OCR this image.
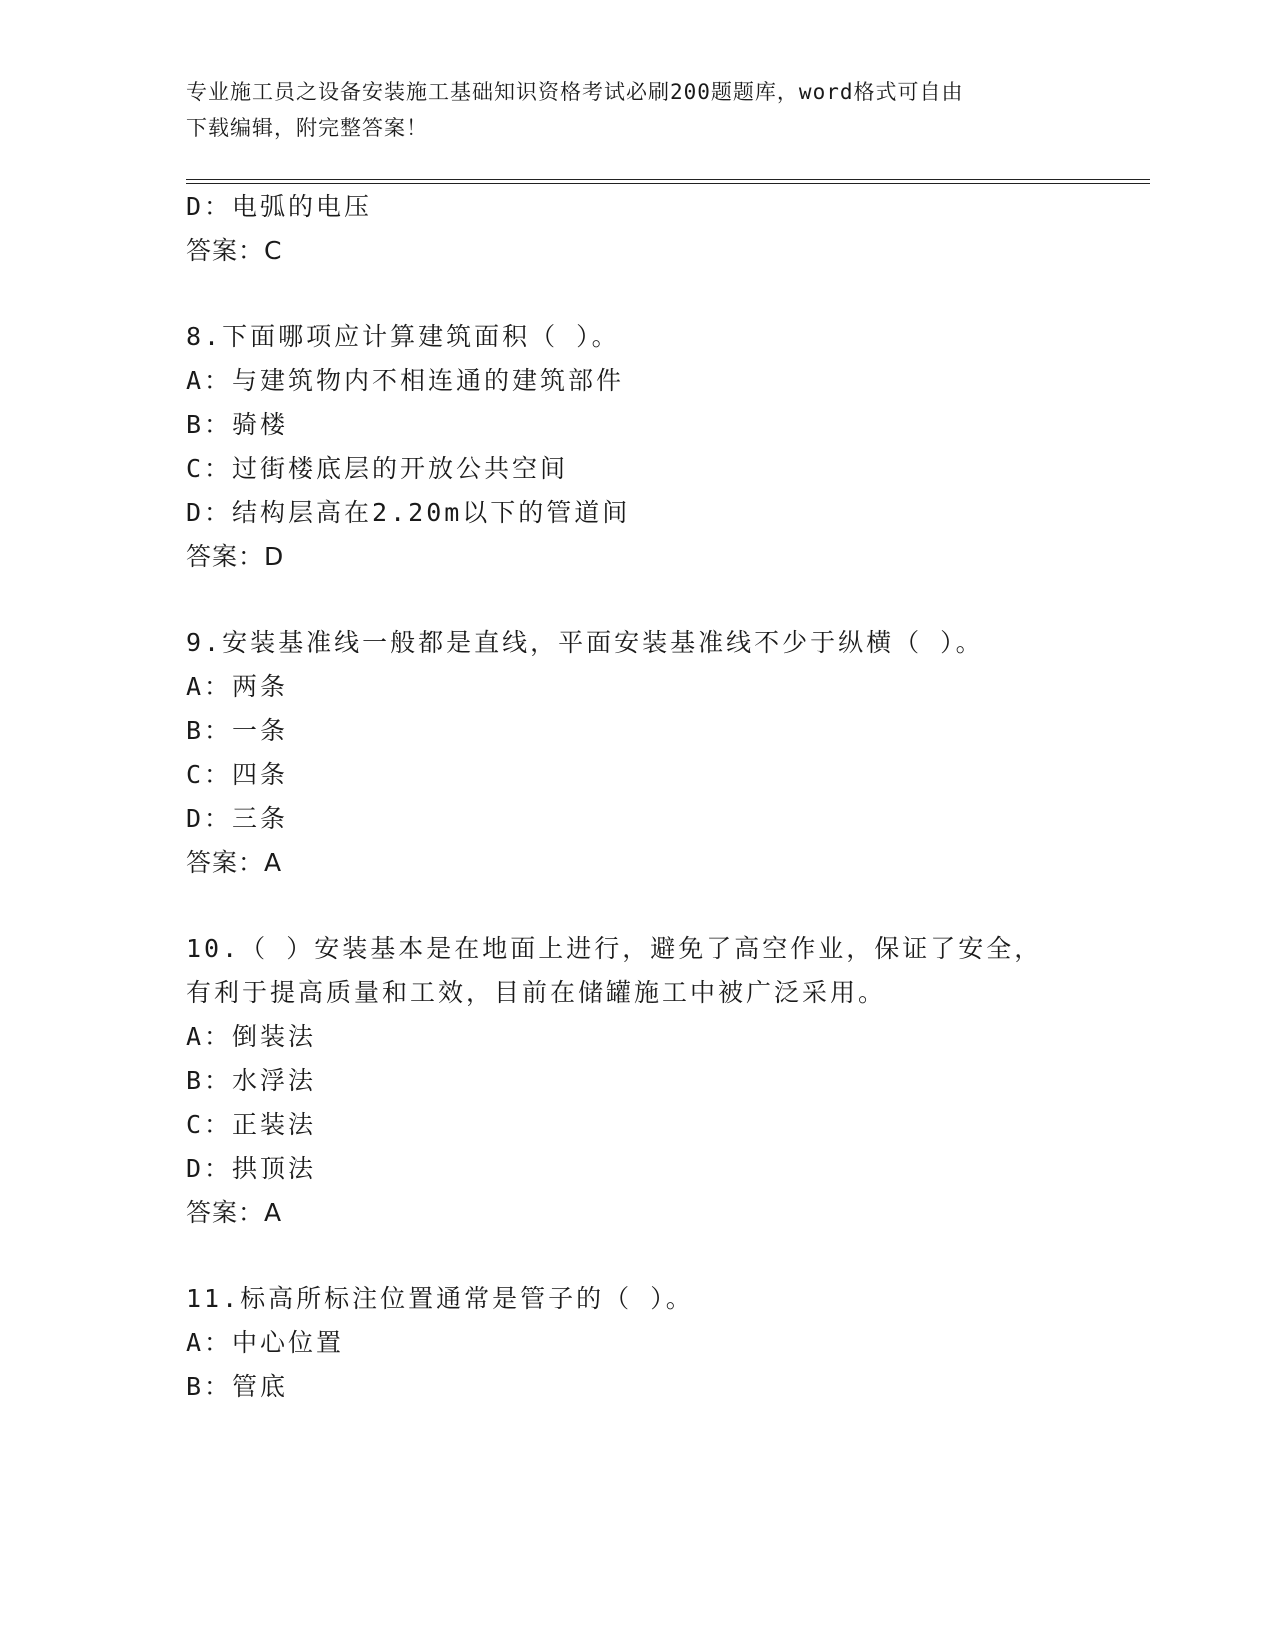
专业施工员之设备安装施工基础知识资格考试必刷200题题库，word格式可自由
下载编辑，附完整答案！
D：电弧的电压
答案：C
8.下面哪项应计算建筑面积（ ）。
A：与建筑物内不相连通的建筑部件
B：骑楼
C：过街楼底层的开放公共空间
D：结构层高在2.20m以下的管道间
答案：D
9.安装基准线一般都是直线，平面安装基准线不少于纵横（ ）。
A：两条
B：一条
C：四条
D：三条
答案：A
10.（ ）安装基本是在地面上进行，避免了高空作业，保证了安全，
有利于提高质量和工效，目前在储罐施工中被广泛采用。
A：倒装法
B：水浮法
C：正装法
D：拱顶法
答案：A
11.标高所标注位置通常是管子的（ ）。
A：中心位置
B：管底
